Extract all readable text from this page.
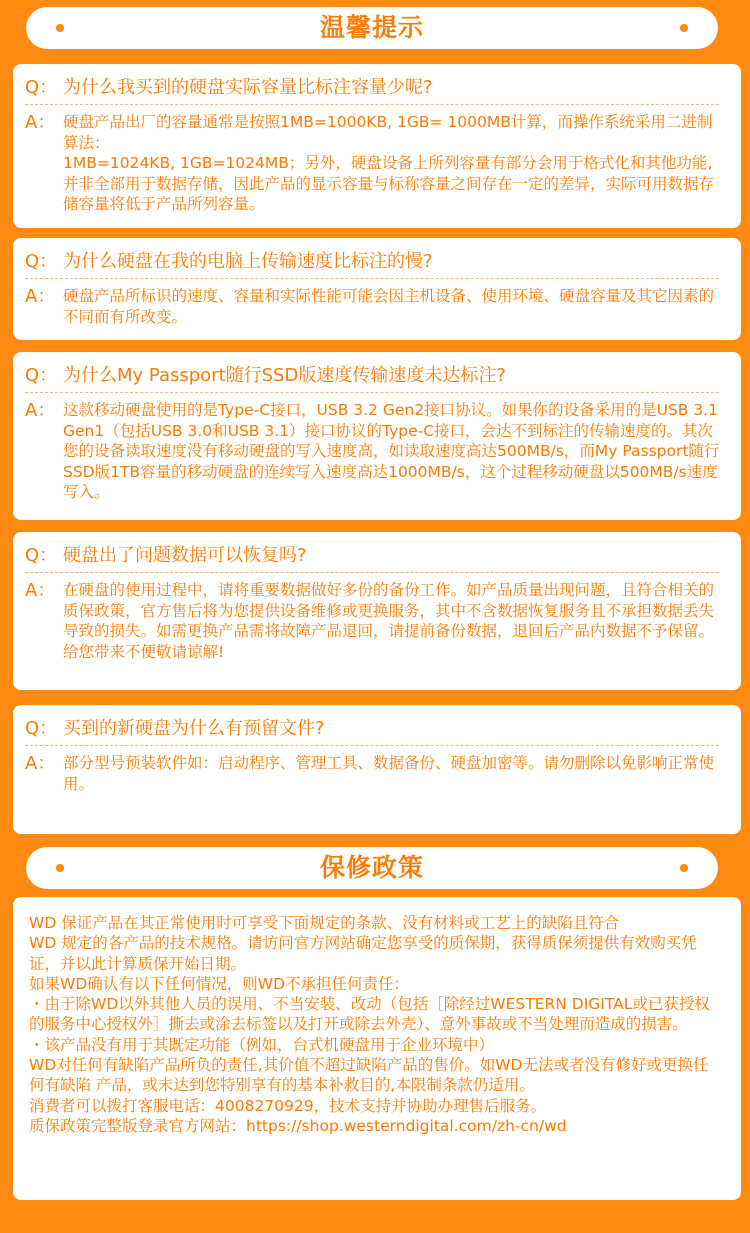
温馨提示
Q： 为什么我买到的硬盘实际容量比标注容量少呢?
A： 硬盘产品出厂的容量通常是按照1MB=1000KB, 1GB= 1000MB计算，而操作系统采用二进制算法：

1MB=1024KB, 1GB=1024MB；另外，硬盘设备上所列容量有部分会用于格式化和其他功能,并非全部用于数据存储，因此产品的显示容量与标称容量之间存在一定的差异，实际可用数据存储容量将低于产品所列容量。

Q： 为什么硬盘在我的电脑上传输速度比标注的慢?
A： 硬盘产品所标识的速度、容量和实际性能可能会因主机设备、使用环境、硬盘容量及其它因素的不同而有所改变。

Q： 为什么My Passport随行SSD版速度传输速度未达标注?
A： 这款移动硬盘使用的是Type-C接口，USB 3.2 Gen2接口协议。如果你的设备采用的是USB 3.1 Gen1（包括USB 3.0和USB 3.1）接口协议的Type-C接口，会达不到标注的传输速度的。其次您的设备读取速度没有移动硬盘的写入速度高，如读取速度高达500MB/s，而My Passport随行SSD版1TB容量的移动硬盘的连续写入速度高达1000MB/s，这个过程移动硬盘以500MB/s速度写入。

Q： 硬盘出了问题数据可以恢复吗?
A： 在硬盘的使用过程中，请将重要数据做好多份的备份工作。如产品质量出现问题，且符合相关的质保政策，官方售后将为您提供设备维修或更换服务，其中不含数据恢复服务且不承担数据丢失导致的损失。如需更换产品需将故障产品退回，请提前备份数据，退回后产品内数据不予保留。给您带来不便敬请谅解!

Q： 买到的新硬盘为什么有预留文件?
A： 部分型号预装软件如：启动程序、管理工具、数据备份、硬盘加密等。请勿删除以免影响正常使用。

保修政策

WD 保证产品在其正常使用时可享受下面规定的条款、没有材料或工艺上的缺陷且符合

WD 规定的各产品的技术规格。请访问官方网站确定您享受的质保期，获得质保须提供有效购买凭证，并以此计算质保开始日期。

如果WD确认有以下任何情况，则WD不承担任何责任：

・由于除WD以外其他人员的误用、不当安装、改动（包括［除经过WESTERN DIGITAL或已获授权的服务中心授权外］撕去或涂去标签以及打开或除去外壳）、意外事故或不当处理而造成的损害。

・该产品没有用于其既定功能（例如，台式机硬盘用于企业环境中）

WD对任何有缺陷产品所负的责任,其价值不超过缺陷产品的售价。如WD无法或者没有修好或更换任何有缺陷 产品，或未达到您特别享有的基本补救目的,本限制条款仍适用。

消费者可以拨打客服电话：4008270929，技术支持并协助办理售后服务。

质保政策完整版登录官方网站：https://shop.westerndigital.com/zh-cn/wd
